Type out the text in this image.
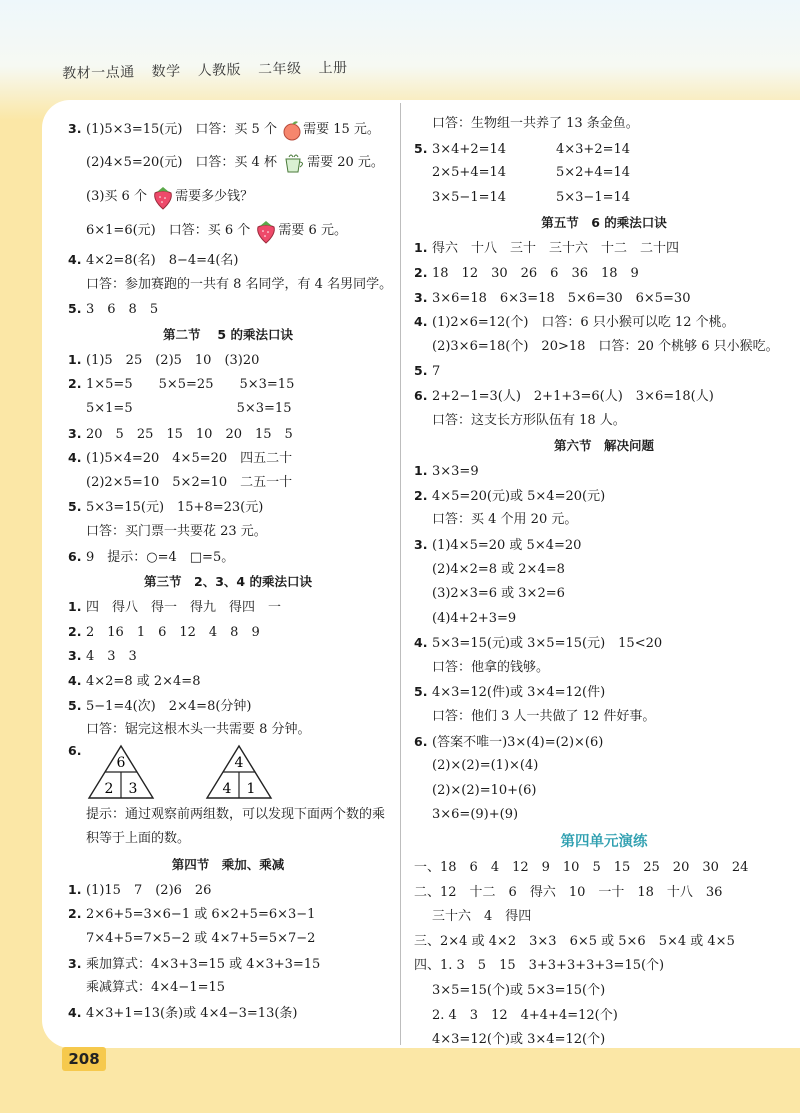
教材一点通 数学 人教版 二年级 上册
3. (1)5×3=15(元)　口答：买 5 个 需要 15 元。
(2)4×5=20(元)　口答：买 4 杯 需要 20 元。
(3)买 6 个 需要多少钱？
6×1=6(元)　口答：买 6 个 需要 6 元。
4. 4×2=8(名)　8−4=4(名)
口答：参加赛跑的一共有 8 名同学，有 4 名男同学。
5. 3　6　8　5
第二节　 5 的乘法口诀
1. (1)5　25　(2)5　10　(3)20
2. 1×5=5　　5×5=25　　5×3=15
5×1=5　　　　　　　　5×3=15
3. 20　5　25　15　10　20　15　5
4. (1)5×4=20　4×5=20　四五二十
(2)2×5=10　5×2=10　二五一十
5. 5×3=15(元)　15+8=23(元)
口答：买门票一共要花 23 元。
6. 9　提示：○=4　□=5。
第三节　2、3、4 的乘法口诀
1. 四　得八　得一　得九　得四　一
2. 2　16　1　6　12　4　8　9
3. 4　3　3
4. 4×2=8 或 2×4=8
5. 5−1=4(次)　2×4=8(分钟)
口答：锯完这根木头一共需要 8 分钟。
6.
6
2 3
4
4 1
提示：通过观察前两组数，可以发现下面两个数的乘
积等于上面的数。
第四节　乘加、乘减
1. (1)15　7　(2)6　26
2. 2×6+5=3×6−1 或 6×2+5=6×3−1
7×4+5=7×5−2 或 4×7+5=5×7−2
3. 乘加算式：4×3+3=15 或 4×3+3=15
乘减算式：4×4−1=15
4. 4×3+1=13(条)或 4×4−3=13(条)
口答：生物组一共养了 13 条金鱼。
5. 3×4+2=14	4×3+2=14
2×5+4=14	5×2+4=14
3×5−1=14	5×3−1=14
第五节　6 的乘法口诀
1. 得六　十八　三十　三十六　十二　二十四
2. 18　12　30　26　6　36　18　9
3. 3×6=18　6×3=18　5×6=30　6×5=30
4. (1)2×6=12(个)　口答：6 只小猴可以吃 12 个桃。
(2)3×6=18(个)　20>18　口答：20 个桃够 6 只小猴吃。
5. 7
6. 2+2−1=3(人)　2+1+3=6(人)　3×6=18(人)
口答：这支长方形队伍有 18 人。
第六节　解决问题
1. 3×3=9
2. 4×5=20(元)或 5×4=20(元)
口答：买 4 个用 20 元。
3. (1)4×5=20 或 5×4=20
(2)4×2=8 或 2×4=8
(3)2×3=6 或 3×2=6
(4)4+2+3=9
4. 5×3=15(元)或 3×5=15(元)　15<20
口答：他拿的钱够。
5. 4×3=12(件)或 3×4=12(件)
口答：他们 3 人一共做了 12 件好事。
6. (答案不唯一)3×(4)=(2)×(6)
(2)×(2)=(1)×(4)
(2)×(2)=10+(6)
3×6=(9)+(9)
第四单元演练
一、18　6　4　12　9　10　5　15　25　20　30　24
二、12　十二　6　得六　10　一十　18　十八　36
三十六　4　得四
三、2×4 或 4×2　3×3　6×5 或 5×6　5×4 或 4×5
四、1. 3　5　15　3+3+3+3+3=15(个)
3×5=15(个)或 5×3=15(个)
2. 4　3　12　4+4+4=12(个)
4×3=12(个)或 3×4=12(个)
208
